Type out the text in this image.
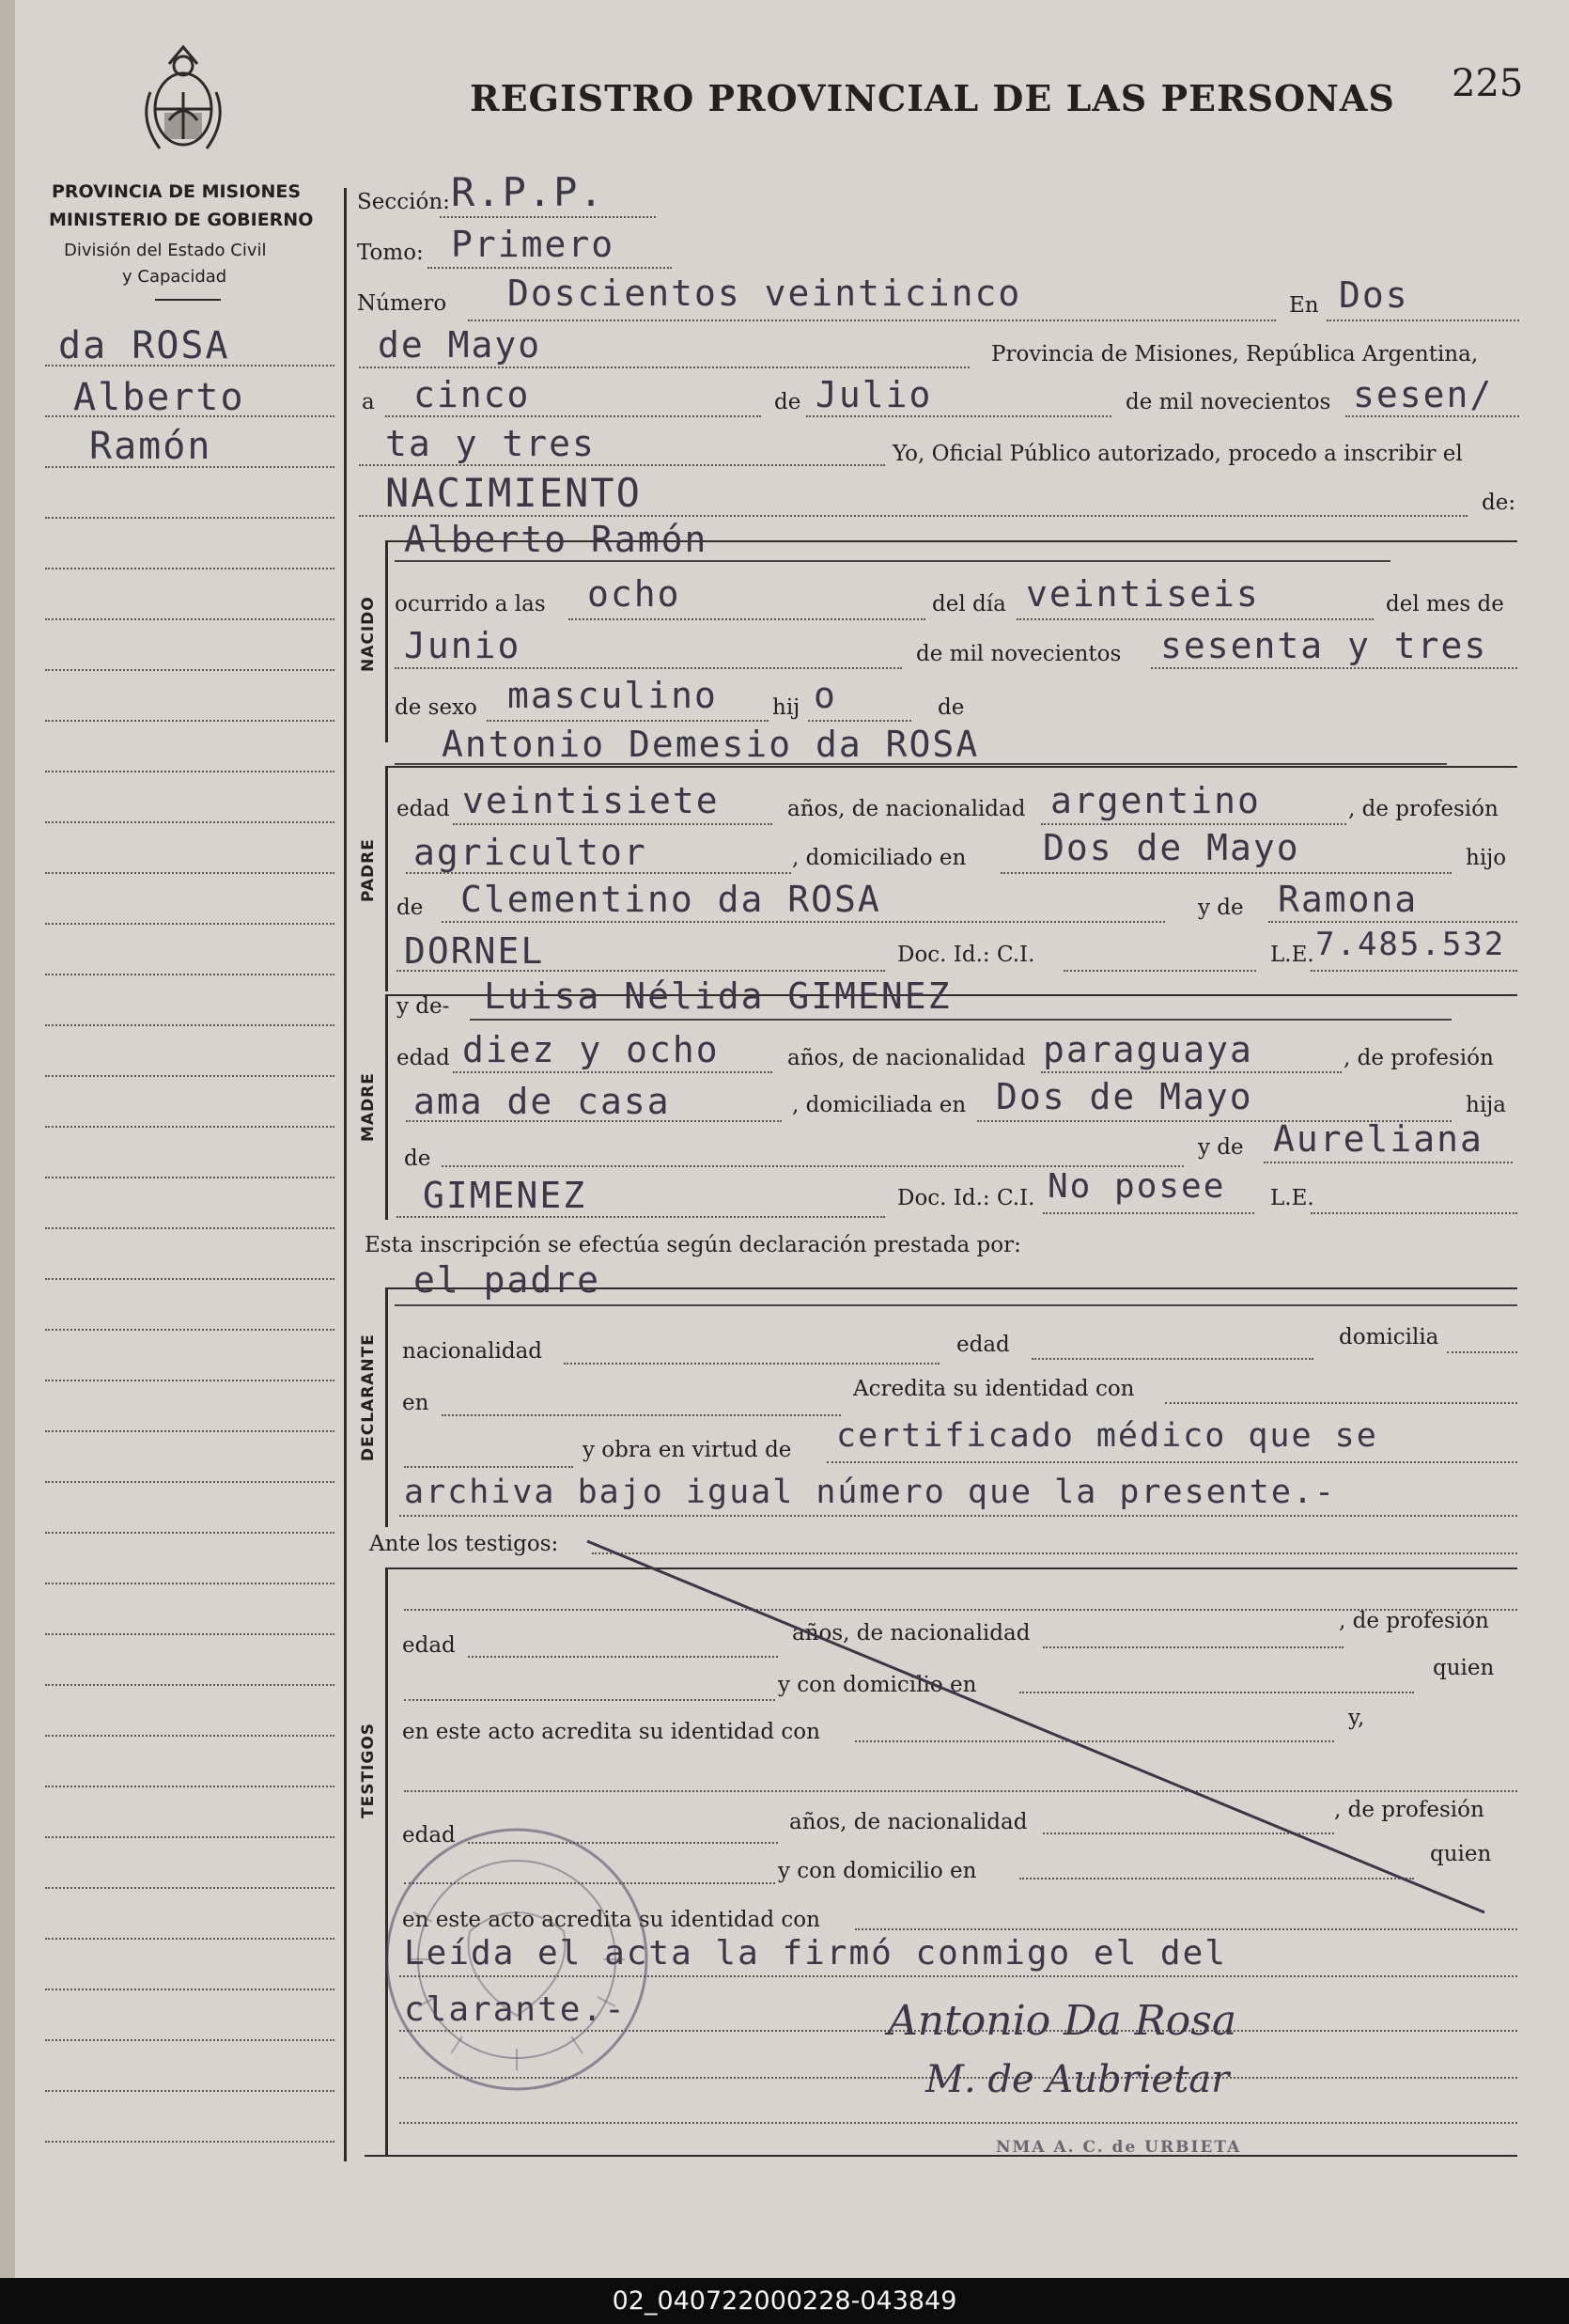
REGISTRO PROVINCIAL DE LAS PERSONAS 225
PROVINCIA DE MISIONES
MINISTERIO DE GOBIERNO
División del Estado Civil
y Capacidad
da ROSA
Alberto
Ramón
Sección: R.P.P.
Tomo: Primero
Número Doscientos veinticinco	En Dos
de Mayo	Provincia de Misiones, República Argentina,
a cinco	de Julio	de mil novecientos sesen/
ta y tres	Yo, Oficial Público autorizado, procedo a inscribir el
NACIMIENTO	de:
NACIDO
Alberto Ramón
ocurrido a las ocho	del día veintiseis	del mes de
Junio	de mil novecientos sesenta y tres
de sexo masculino	hij o	de
PADRE
Antonio Demesio da ROSA
edad veintisiete	años, de nacionalidad argentino	, de profesión
agricultor	, domiciliado en Dos de Mayo	hijo
de Clementino da ROSA	y de Ramona
DORNEL	Doc. Id.: C.I.	L.E. 7.485.532
MADRE
y de- Luisa Nélida GIMENEZ
edad diez y ocho	años, de nacionalidad paraguaya	, de profesión
ama de casa	, domiciliada en Dos de Mayo	hija
de	y de Aureliana
GIMENEZ	Doc. Id.: C.I. No posee L.E.
Esta inscripción se efectúa según declaración prestada por:
DECLARANTE
el padre
nacionalidad	edad	domicilia
en
Acredita su identidad con
y obra en virtud de certificado médico que se
archiva bajo igual número que la presente.-
Ante los testigos:
TESTIGOS
edad	años, de nacionalidad	, de profesión
y con domicilio en
quien
en este acto acredita su identidad con
y,
edad
años, de nacionalidad	, de profesión
y con domicilio en
quien
en este acto acredita su identidad con
Leída el acta la firmó conmigo el del
clarante.-	Antonio Da Rosa
M. de Aubrietar
NMA A. C. de URBIETA
02_040722000228-043849
